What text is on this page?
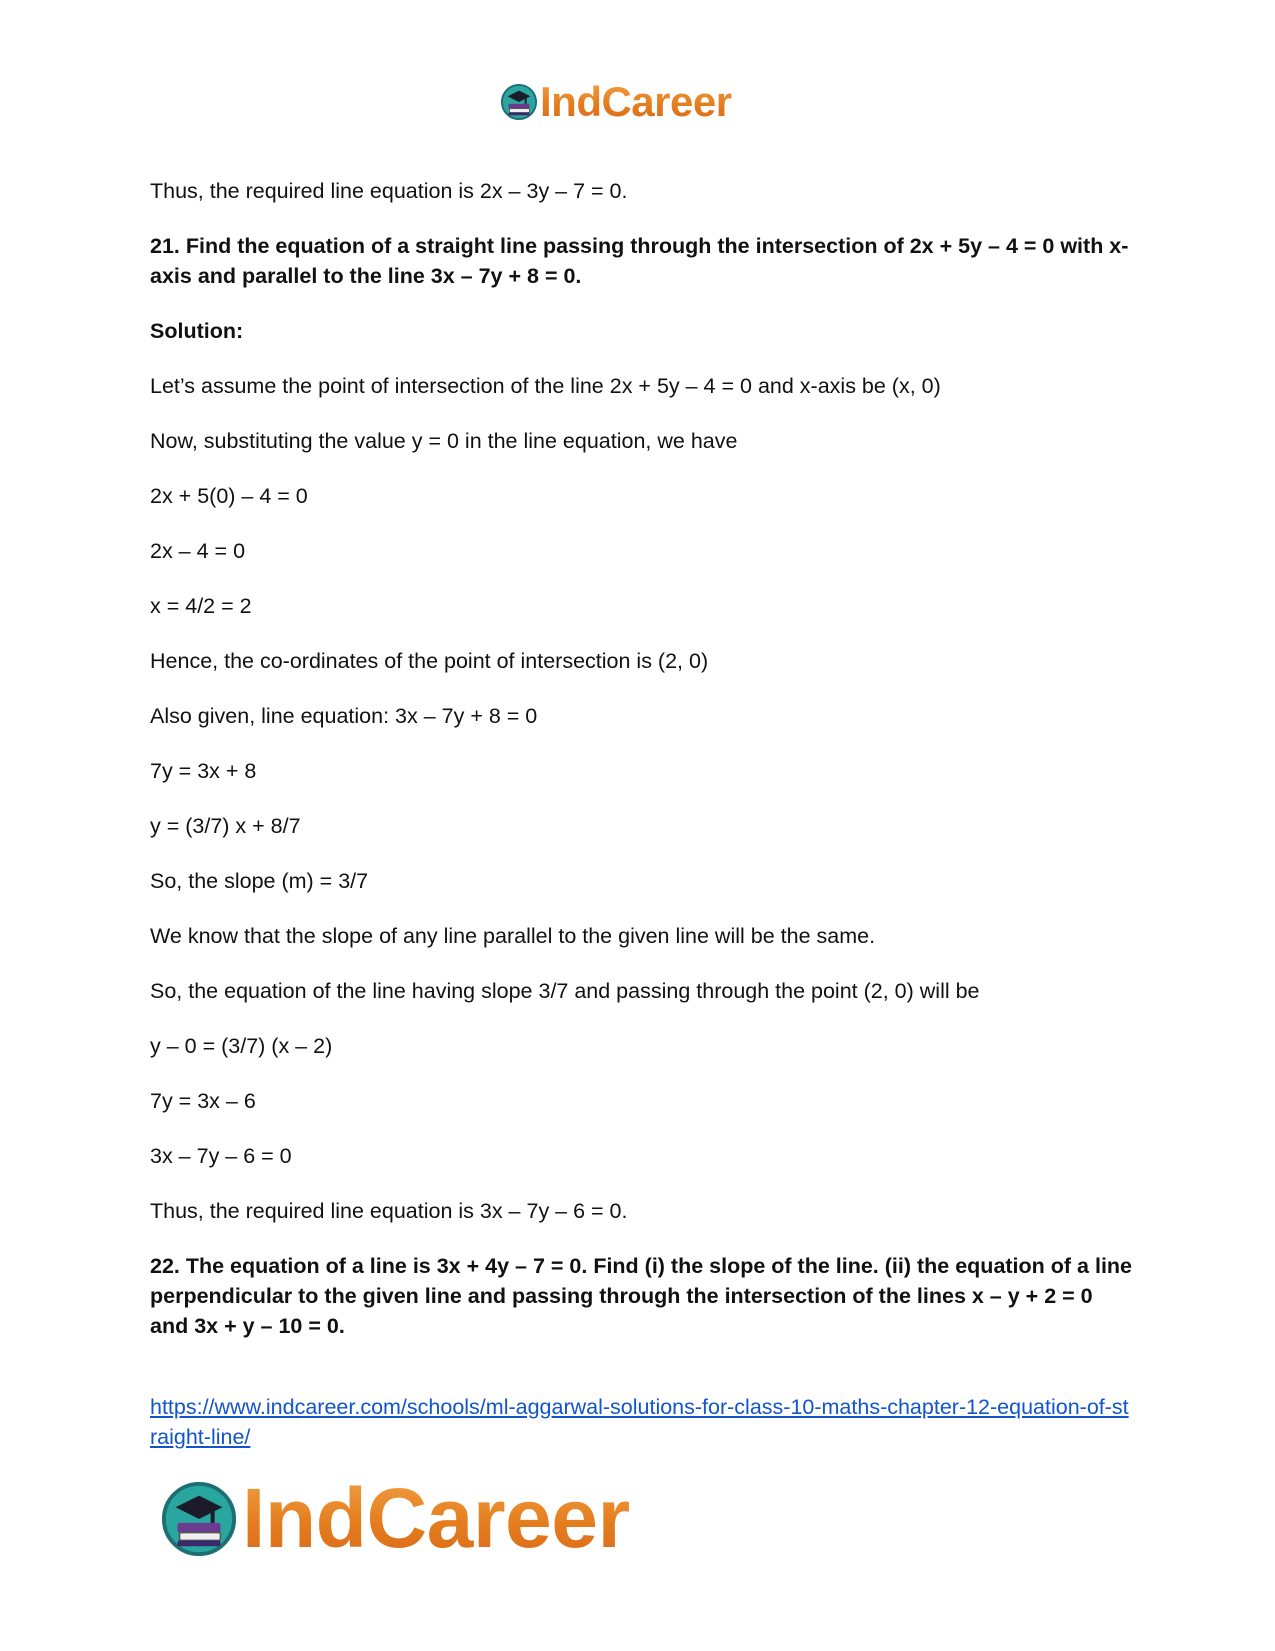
IndCareer

Thus, the required line equation is 2x – 3y – 7 = 0.

21. Find the equation of a straight line passing through the intersection of 2x + 5y – 4 = 0 with x-axis and parallel to the line 3x – 7y + 8 = 0.

Solution:

Let’s assume the point of intersection of the line 2x + 5y – 4 = 0 and x-axis be (x, 0)

Now, substituting the value y = 0 in the line equation, we have

2x + 5(0) – 4 = 0

2x – 4 = 0

x = 4/2 = 2

Hence, the co-ordinates of the point of intersection is (2, 0)

Also given, line equation: 3x – 7y + 8 = 0

7y = 3x + 8

y = (3/7) x + 8/7

So, the slope (m) = 3/7

We know that the slope of any line parallel to the given line will be the same.

So, the equation of the line having slope 3/7 and passing through the point (2, 0) will be

y – 0 = (3/7) (x – 2)

7y = 3x – 6

3x – 7y – 6 = 0

Thus, the required line equation is 3x – 7y – 6 = 0.

22. The equation of a line is 3x + 4y – 7 = 0. Find (i) the slope of the line. (ii) the equation of a line perpendicular to the given line and passing through the intersection of the lines x – y + 2 = 0 and 3x + y – 10 = 0.

https://www.indcareer.com/schools/ml-aggarwal-solutions-for-class-10-maths-chapter-12-equation-of-straight-line/
IndCareer
